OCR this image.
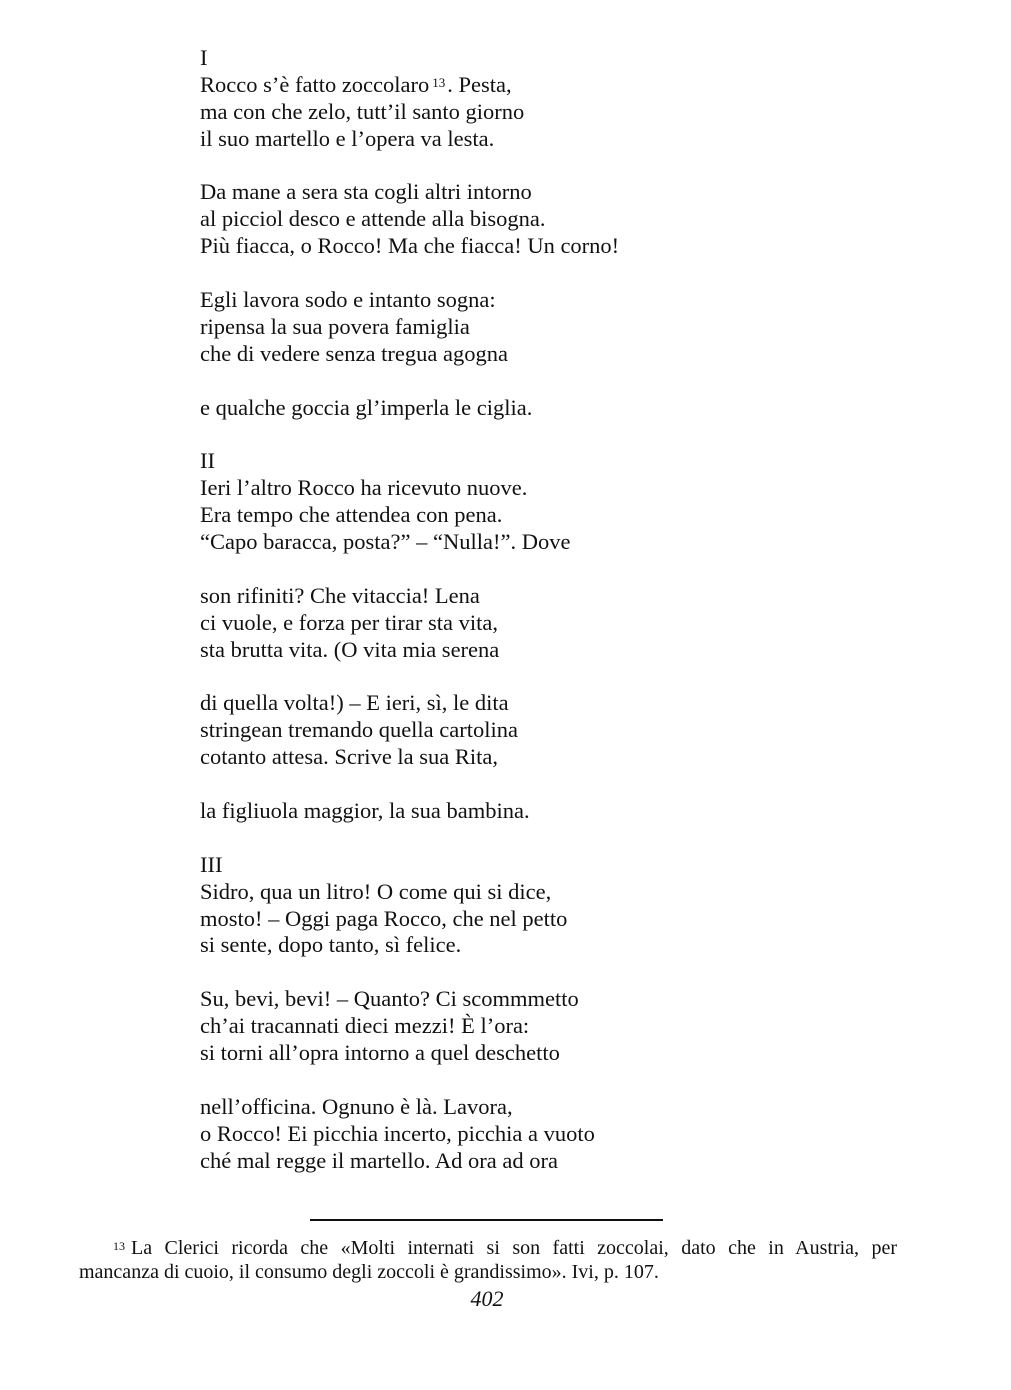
I
Rocco s’è fatto zoccolaro $^{13}$. Pesta,
ma con che zelo, tutt’il santo giorno
il suo martello e l’opera va lesta.
Da mane a sera sta cogli altri intorno
al picciol desco e attende alla bisogna.
Più fiacca, o Rocco! Ma che fiacca! Un corno!
Egli lavora sodo e intanto sogna:
ripensa la sua povera famiglia
che di vedere senza tregua agogna
e qualche goccia gl’imperla le ciglia.
II
Ieri l’altro Rocco ha ricevuto nuove.
Era tempo che attendea con pena.
“Capo baracca, posta?” – “Nulla!”. Dove
son rifiniti? Che vitaccia! Lena
ci vuole, e forza per tirar sta vita,
sta brutta vita. (O vita mia serena
di quella volta!) – E ieri, sì, le dita
stringean tremando quella cartolina
cotanto attesa. Scrive la sua Rita,
la figliuola maggior, la sua bambina.
III
Sidro, qua un litro! O come qui si dice,
mosto! – Oggi paga Rocco, che nel petto
si sente, dopo tanto, sì felice.
Su, bevi, bevi! – Quanto? Ci scommmetto
ch’ai tracannati dieci mezzi! È l’ora:
si torni all’opra intorno a quel deschetto
nell’officina. Ognuno è là. Lavora,
o Rocco! Ei picchia incerto, picchia a vuoto
ché mal regge il martello. Ad ora ad ora
$^{13}$ La Clerici ricorda che «Molti internati si son fatti zoccolai, dato che in Austria, per
mancanza di cuoio, il consumo degli zoccoli è grandissimo». Ivi, p. 107.
402
